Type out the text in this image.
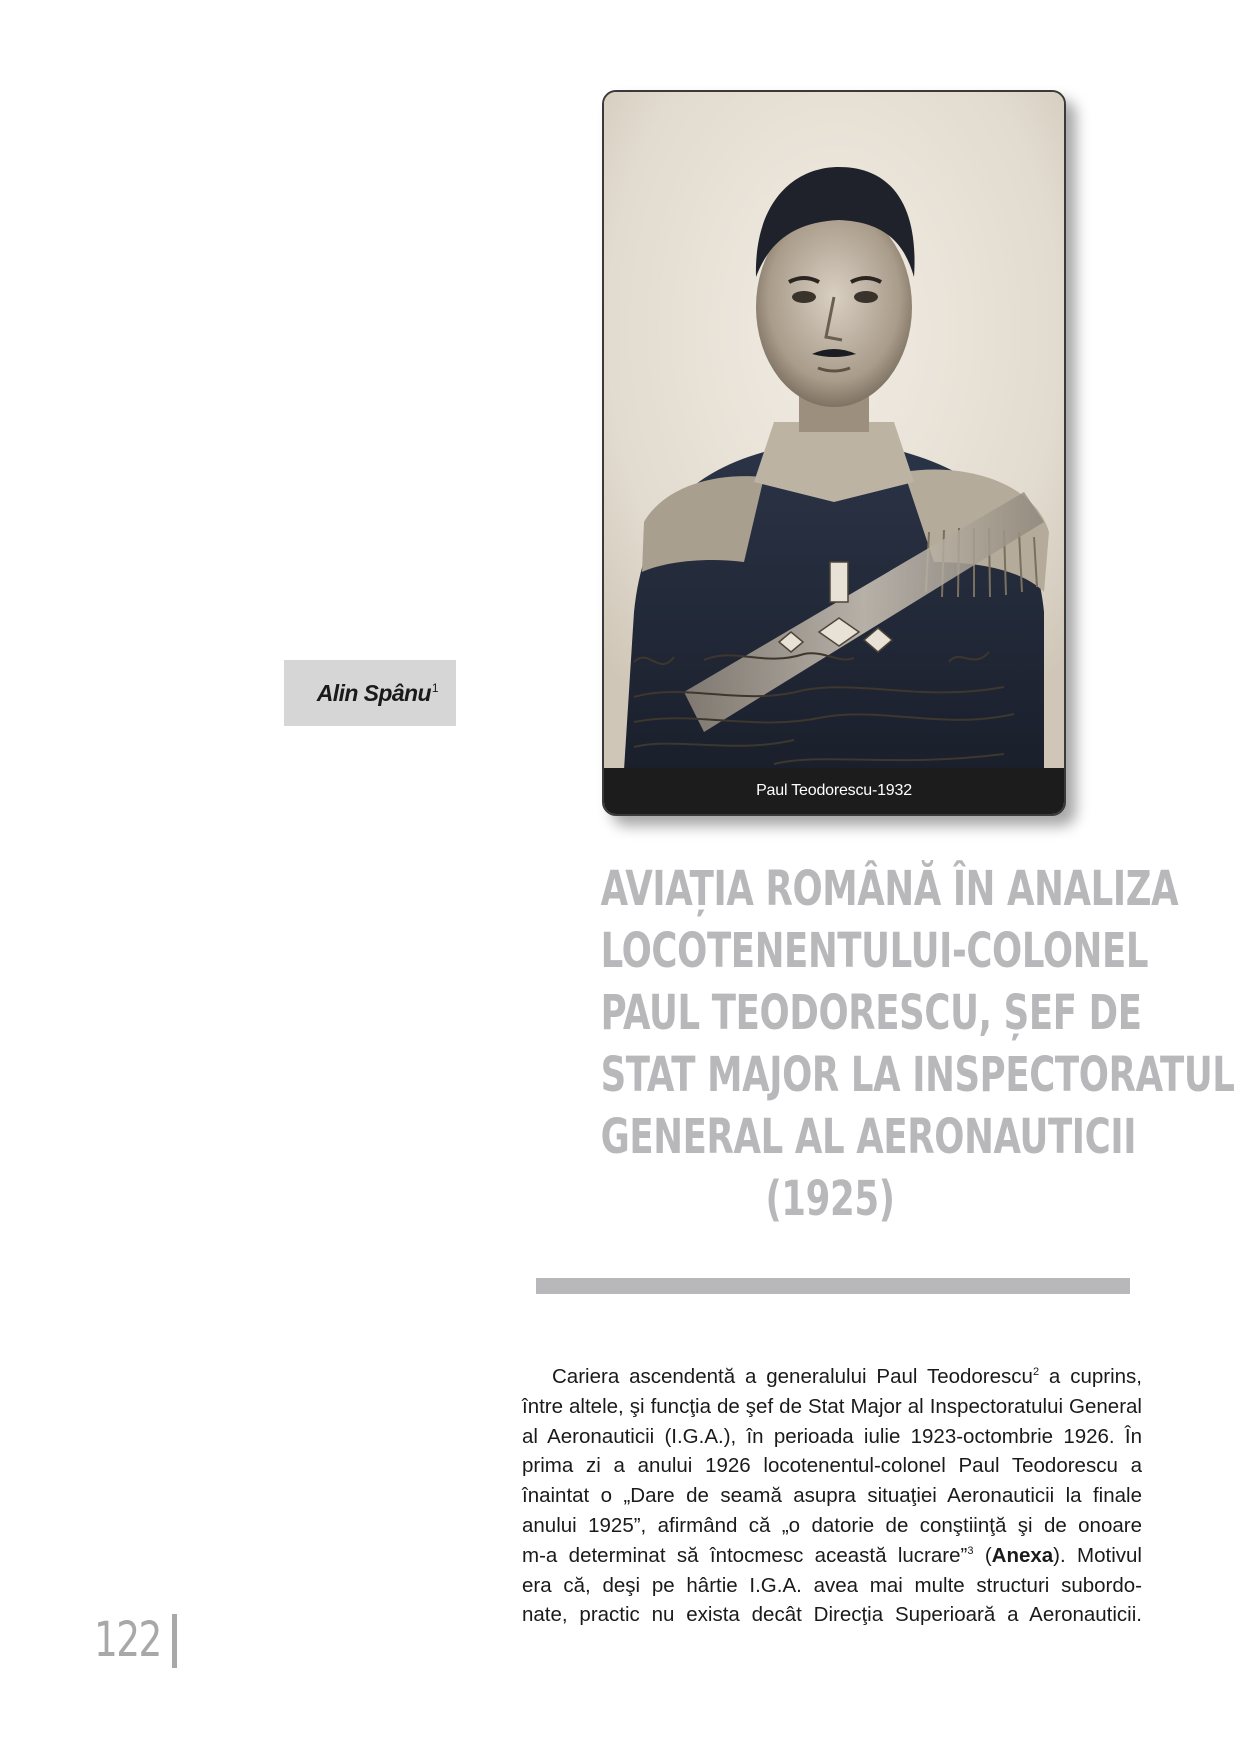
Paul Teodorescu-1932
Alin Spânu$^1$
AVIAȚIA ROMÂNĂ ÎN ANALIZA
LOCOTENENTULUI-COLONEL
PAUL TEODORESCU, ȘEF DE
STAT MAJOR LA INSPECTORATUL
GENERAL AL AERONAUTICII
(1925)
Cariera ascendentă a generalului Paul Teodorescu$^2$ a cuprins,
între altele, şi funcţia de şef de Stat Major al Inspectoratului General
al Aeronauticii (I.G.A.), în perioada iulie 1923-octombrie 1926. În
prima zi a anului 1926 locotenentul-colonel Paul Teodorescu a
înaintat o „Dare de seamă asupra situaţiei Aeronauticii la finale
anului 1925”, afirmând că „o datorie de conştiinţă şi de onoare
m-a determinat să întocmesc această lucrare”$^3$ (Anexa). Motivul
era că, deşi pe hârtie I.G.A. avea mai multe structuri subordo-
nate, practic nu exista decât Direcţia Superioară a Aeronauticii.
122
